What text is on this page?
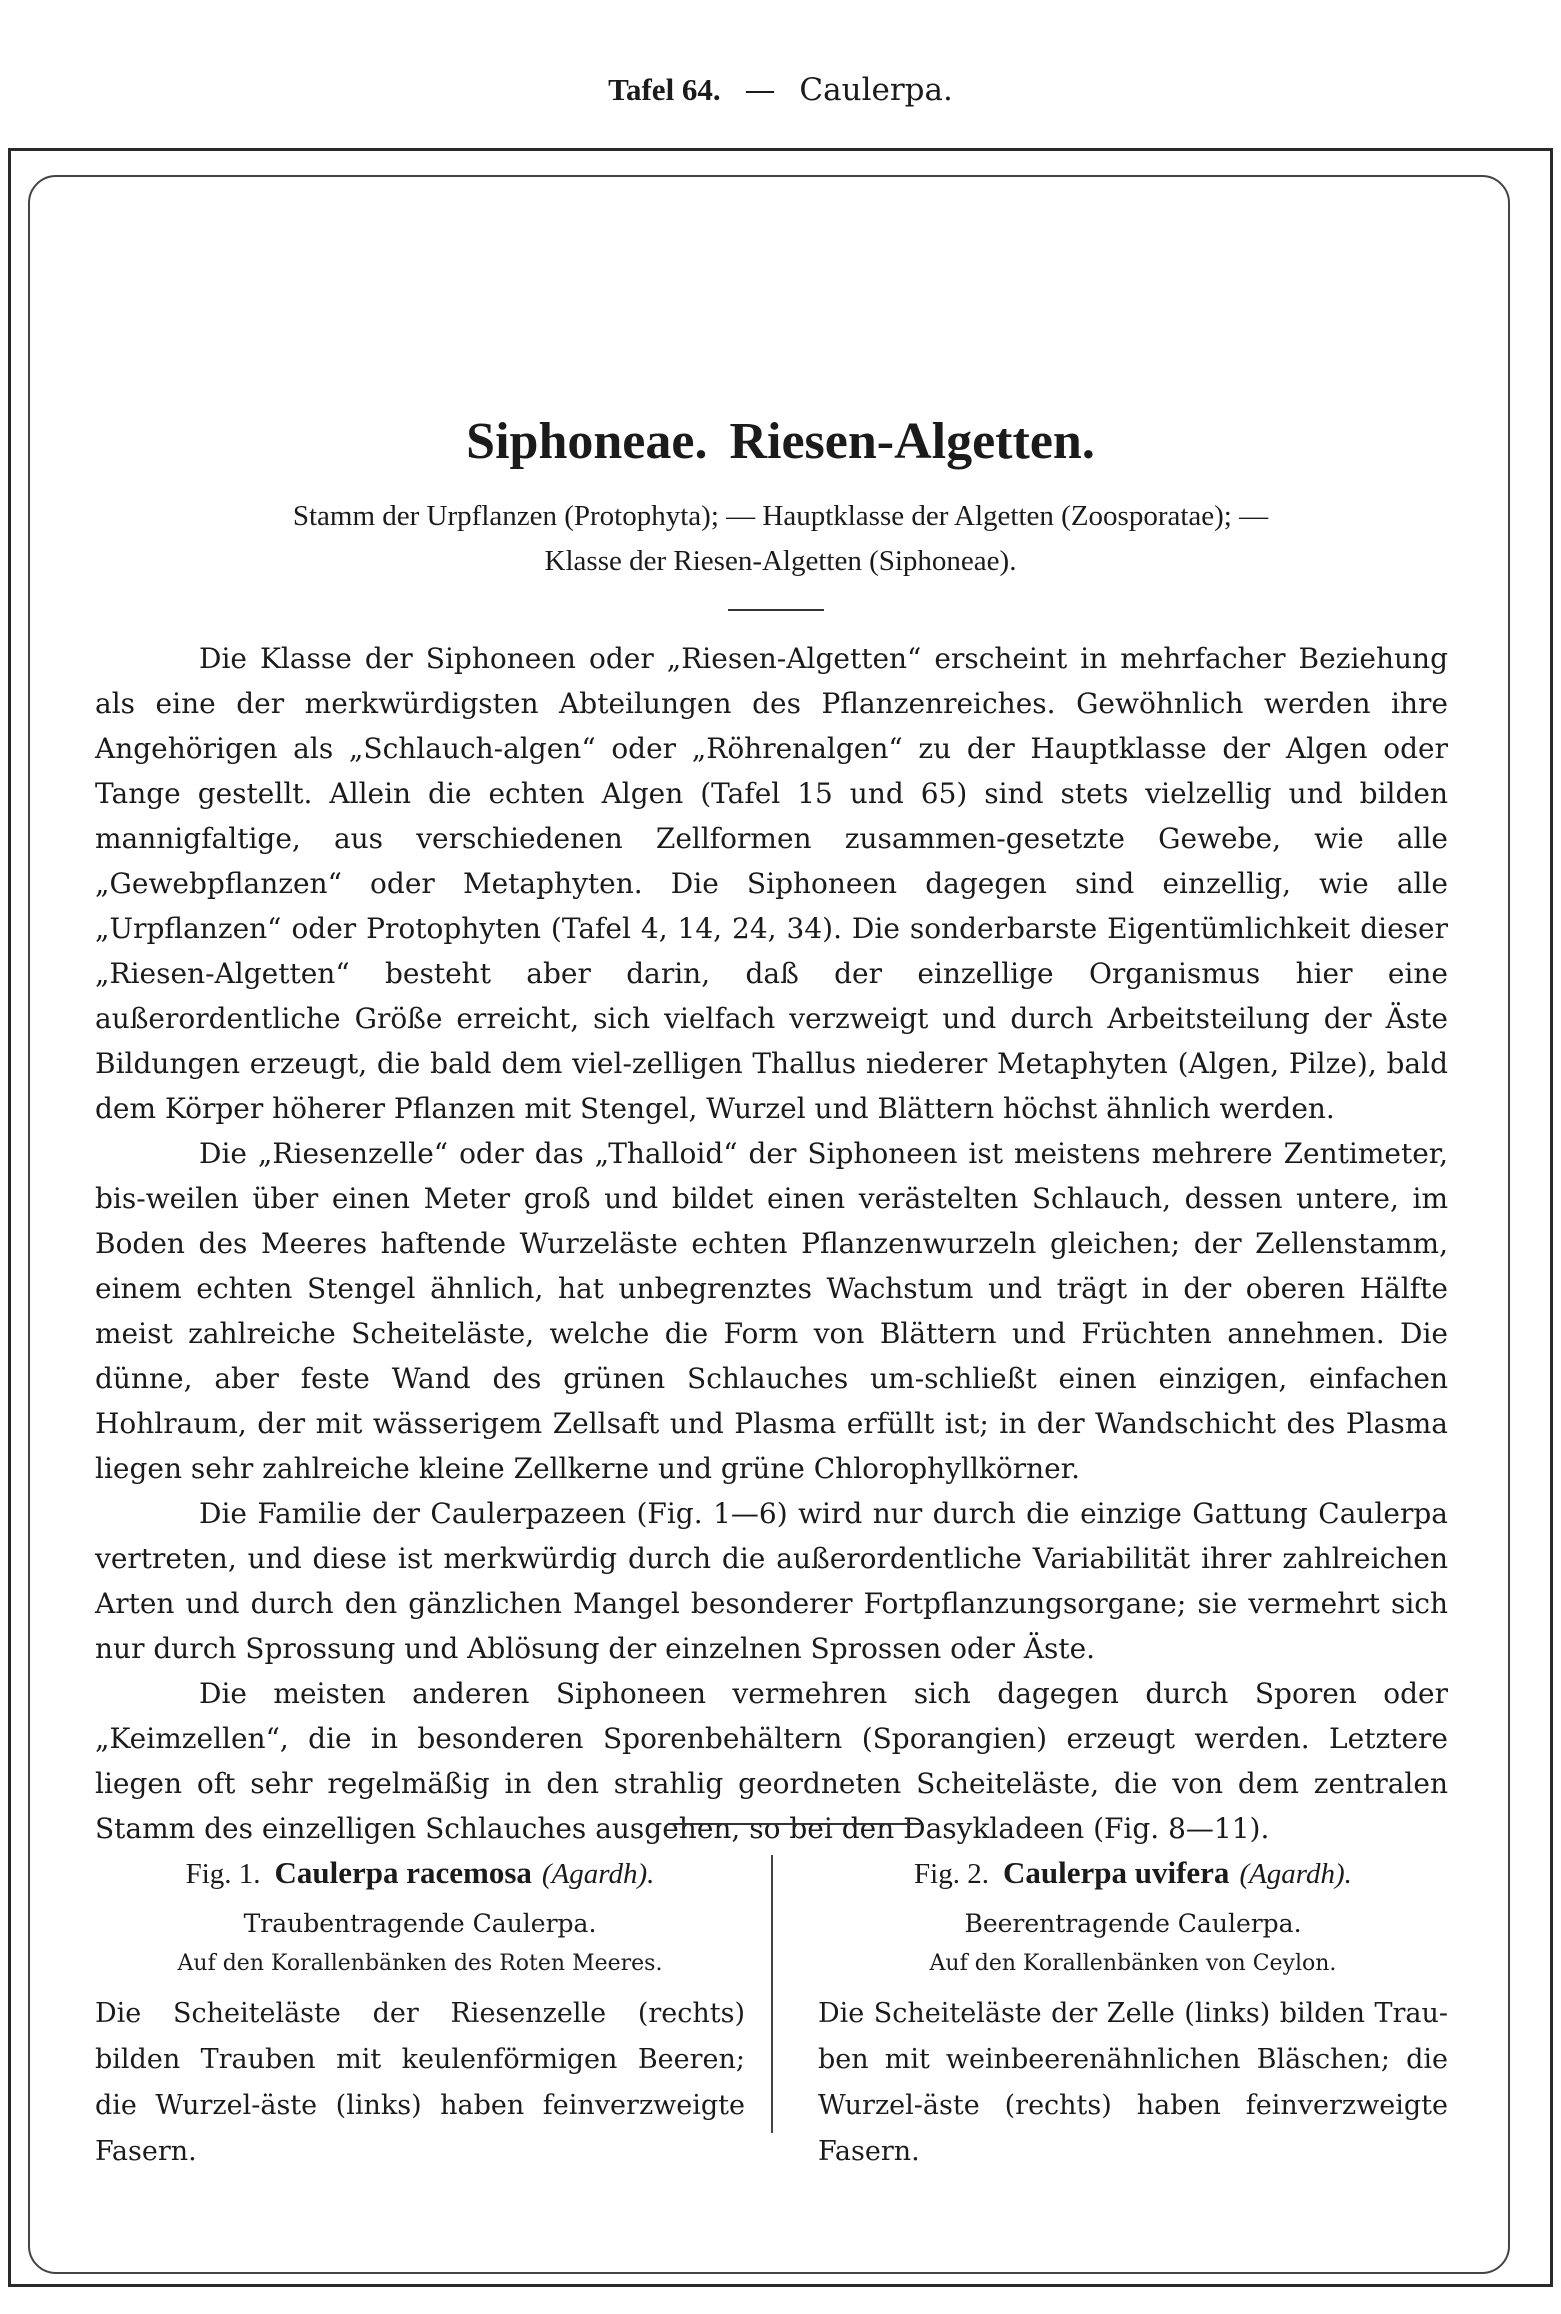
Tafel 64. — Caulerpa.
Siphoneae. Riesen-Algetten.
Stamm der Urpflanzen (Protophyta); — Hauptklasse der Algetten (Zoosporatae); —
Klasse der Riesen-Algetten (Siphoneae).

Die Klasse der Siphoneen oder „Riesen-Algetten“ erscheint in mehrfacher Beziehung als eine der merkwürdigsten Abteilungen des Pflanzenreiches. Gewöhnlich werden ihre Angehörigen als „Schlauch-algen“ oder „Röhrenalgen“ zu der Hauptklasse der Algen oder Tange gestellt. Allein die echten Algen (Tafel 15 und 65) sind stets vielzellig und bilden mannigfaltige, aus verschiedenen Zellformen zusammen-gesetzte Gewebe, wie alle „Gewebpflanzen“ oder Metaphyten. Die Siphoneen dagegen sind einzellig, wie alle „Urpflanzen“ oder Protophyten (Tafel 4, 14, 24, 34). Die sonderbarste Eigentümlichkeit dieser „Riesen-Algetten“ besteht aber darin, daß der einzellige Organismus hier eine außerordentliche Größe erreicht, sich vielfach verzweigt und durch Arbeitsteilung der Äste Bildungen erzeugt, die bald dem viel-zelligen Thallus niederer Metaphyten (Algen, Pilze), bald dem Körper höherer Pflanzen mit Stengel, Wurzel und Blättern höchst ähnlich werden.

Die „Riesenzelle“ oder das „Thalloid“ der Siphoneen ist meistens mehrere Zentimeter, bis-weilen über einen Meter groß und bildet einen verästelten Schlauch, dessen untere, im Boden des Meeres haftende Wurzeläste echten Pflanzenwurzeln gleichen; der Zellenstamm, einem echten Stengel ähnlich, hat unbegrenztes Wachstum und trägt in der oberen Hälfte meist zahlreiche Scheiteläste, welche die Form von Blättern und Früchten annehmen. Die dünne, aber feste Wand des grünen Schlauches um-schließt einen einzigen, einfachen Hohlraum, der mit wässerigem Zellsaft und Plasma erfüllt ist; in der Wandschicht des Plasma liegen sehr zahlreiche kleine Zellkerne und grüne Chlorophyllkörner.

Die Familie der Caulerpazeen (Fig. 1—6) wird nur durch die einzige Gattung Caulerpa vertreten, und diese ist merkwürdig durch die außerordentliche Variabilität ihrer zahlreichen Arten und durch den gänzlichen Mangel besonderer Fortpflanzungsorgane; sie vermehrt sich nur durch Sprossung und Ablösung der einzelnen Sprossen oder Äste.

Die meisten anderen Siphoneen vermehren sich dagegen durch Sporen oder „Keimzellen“, die in besonderen Sporenbehältern (Sporangien) erzeugt werden. Letztere liegen oft sehr regelmäßig in den strahlig geordneten Scheiteläste, die von dem zentralen Stamm des einzelligen Schlauches ausgehen, so bei den Dasykladeen (Fig. 8—11).

Fig. 1. Caulerpa racemosa (Agardh).
Traubentragende Caulerpa.
Auf den Korallenbänken des Roten Meeres.
Die Scheiteläste der Riesenzelle (rechts) bilden Trauben mit keulenförmigen Beeren; die Wurzel-äste (links) haben feinverzweigte Fasern.
Fig. 2. Caulerpa uvifera (Agardh).
Beerentragende Caulerpa.
Auf den Korallenbänken von Ceylon.
Die Scheiteläste der Zelle (links) bilden Trau-ben mit weinbeerenähnlichen Bläschen; die Wurzel-äste (rechts) haben feinverzweigte Fasern.
